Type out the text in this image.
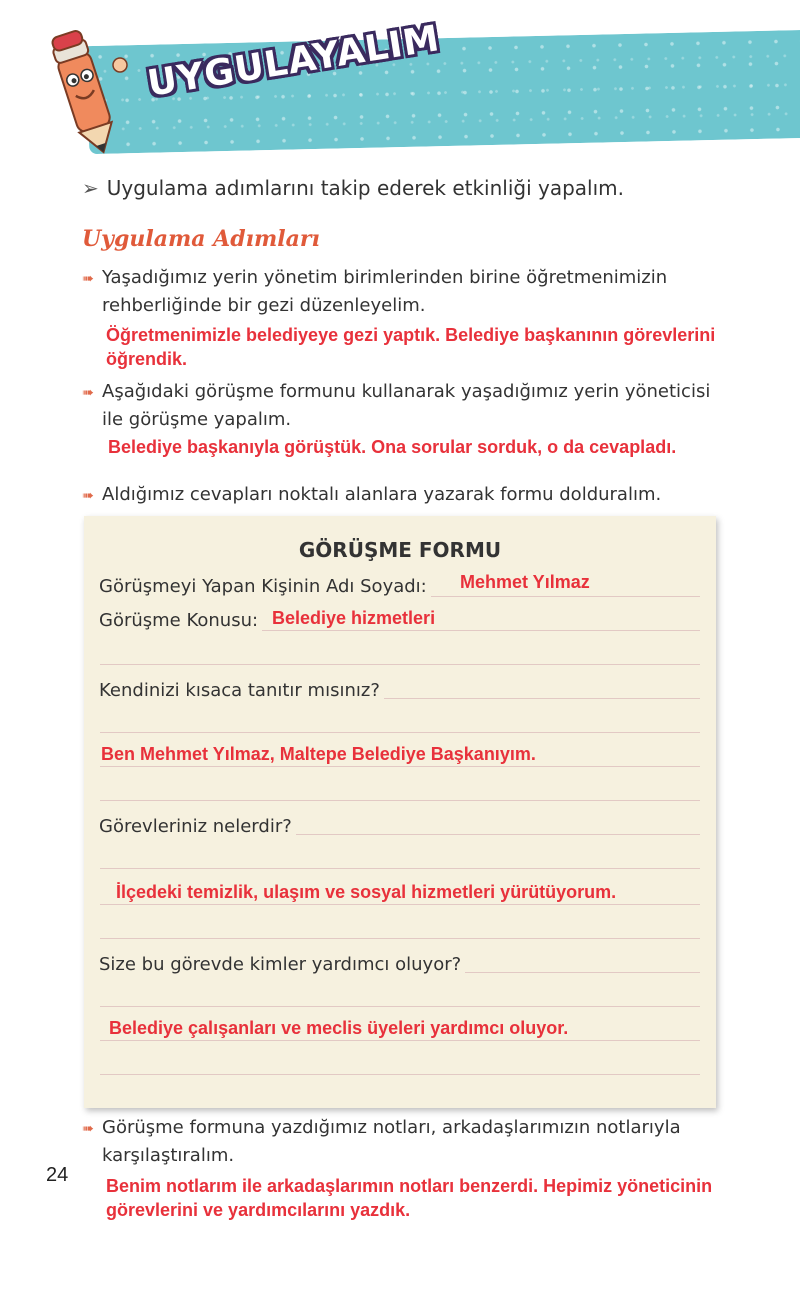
UYGULAYALIM
➢ Uygulama adımlarını takip ederek etkinliği yapalım.
Uygulama Adımları
➠ Yaşadığımız yerin yönetim birimlerinden birine öğretmenimizin rehberliğinde bir gezi düzenleyelim.
Öğretmenimizle belediyeye gezi yaptık. Belediye başkanının görevlerini öğrendik.
➠ Aşağıdaki görüşme formunu kullanarak yaşadığımız yerin yöneticisi ile görüşme yapalım.
Belediye başkanıyla görüştük. Ona sorular sorduk, o da cevapladı.
➠ Aldığımız cevapları noktalı alanlara yazarak formu dolduralım.
GÖRÜŞME FORMU
Görüşmeyi Yapan Kişinin Adı Soyadı: Mehmet Yılmaz
Görüşme Konusu: Belediye hizmetleri
Kendinizi kısaca tanıtır mısınız?
Ben Mehmet Yılmaz, Maltepe Belediye Başkanıyım.
Görevleriniz nelerdir?
İlçedeki temizlik, ulaşım ve sosyal hizmetleri yürütüyorum.
Size bu görevde kimler yardımcı oluyor?
Belediye çalışanları ve meclis üyeleri yardımcı oluyor.
➠ Görüşme formuna yazdığımız notları, arkadaşlarımızın notlarıyla karşılaştıralım.
24 Benim notlarım ile arkadaşlarımın notları benzerdi. Hepimiz yöneticinin görevlerini ve yardımcılarını yazdık.
